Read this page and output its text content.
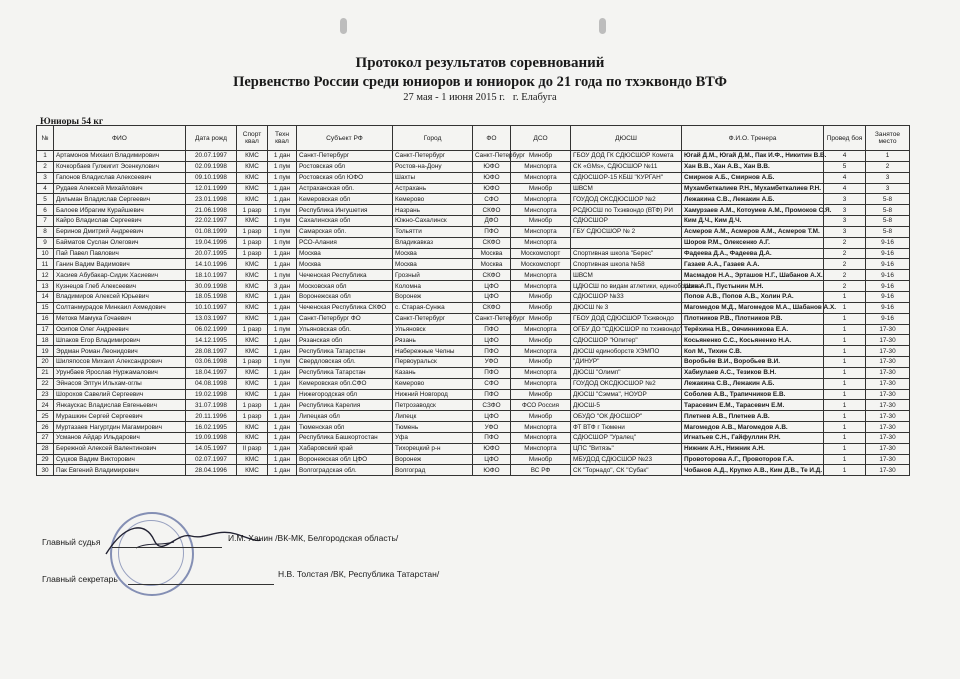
Протокол результатов соревнований
Первенство России среди юниоров и юниорок до 21 года по тхэквондо ВТФ
27 мая - 1 июня 2015 г. г. Елабуга
Юниоры 54 кг
№	ФИО	Дата рожд	Спорт квал	Техн квал	Субъект РФ	Город	ФО	ДСО	ДЮСШ	Ф.И.О. Тренера	Провед боя	Занятое место
1	Артамонов Михаил Владимирович	20.07.1997	КМС	1 дан	Санкт-Петербург	Санкт-Петербург	Санкт-Петербург	Минобр	ГБОУ ДОД ГК СДЮСШОР Комета	Югай Д.М., Югай Д.М., Пак И.Ф., Никитин В.В.	4	1
2	Кочкорбаев Гулжигит Эсенкулович	02.09.1998	КМС	1 пум	Ростовская обл	Ростов-на-Дону	ЮФО	Минспорта	СК «GMs», СДЮСШОР №11	Хан В.В., Хан А.В., Хан В.В.	5	2
3	Гапонов Владислав Алексеевич	09.10.1998	КМС	1 пум	Ростовская обл ЮФО	Шахты	ЮФО	Минспорта	СДЮСШОР-15 КБШ "КУРГАН"	Смирнов А.Б., Смирнов А.Б.	4	3
4	Рудаев Алексей Михайлович	12.01.1999	КМС	1 дан	Астраханская обл.	Астрахань	ЮФО	Минобр	ШВСМ	Мухамбеткалиев Р.Н., Мухамбеткалиев Р.Н.	4	3
5	Дильман Владислав Сергеевич	23.01.1998	КМС	1 дан	Кемеровская обл	Кемерово	СФО	Минспорта	ГОУДОД ОКСДЮСШОР №2	Лежакина С.В., Лежакин А.Б.	3	5-8
6	Балоев Ибрагим Курайшевич	21.06.1998	1 разр	1 пум	Республика Ингушетия	Назрань	СКФО	Минспорта	РСДЮСШ по Тхэквондо (ВТФ) РИ	Хамурзаев А.М., Котоуиев А.М., Промоков С.Я.	3	5-8
7	Кайро Владислав Сергеевич	22.02.1997	КМС	1 пум	Сахалинская обл	Южно-Сахалинск	ДФО	Минобр	СДЮСШОР	Ким Д.Ч., Ким Д.Ч.	3	5-8
8	Беринов Дмитрий Андреевич	01.08.1999	1 разр	1 пум	Самарская обл.	Тольятти	ПФО	Минспорта	ГБУ СДЮСШОР № 2	Асмеров А.М., Асмеров А.М., Асмеров Т.М.	3	5-8
9	Байматов Суслан Олегович	19.04.1996	1 разр	1 пум	РСО-Алания	Владикавказ	СКФО	Минспорта		Шоров Р.М., Олексенко А.Г.	2	9-16
10	Пай Павел Павлович	20.07.1995	1 разр	1 дан	Москва	Москва	Москва	Москомспорт	Спортивная школа "Берес"	Фадеева Д.А., Фадеева Д.А.	2	9-16
11	Ганин Вадим Вадимович	14.10.1996	КМС	1 дан	Москва	Москва	Москва	Москомспорт	Спортивная школа №58	Газаев А.А., Газаев А.А.	2	9-16
12	Хасиев Абубакар-Сидик Хасиевич	18.10.1997	КМС	1 пум	Чеченская Республика	Грозный	СКФО	Минспорта	ШВСМ	Масмадов Н.А., Эрташов Н.Г., Шабанов А.Х.	2	9-16
13	Кузнецов Глеб Алексеевич	30.09.1998	КМС	3 дан	Московская обл	Коломна	ЦФО	Минспорта	ЦДЮСШ по видам атлетики, единоборства	Шин А.П., Пустынин М.Н.	2	9-16
14	Владимиров Алексей Юрьевич	18.05.1998	КМС	1 дан	Воронежская обл	Воронеж	ЦФО	Минобр	СДЮСШОР №33	Попов А.В., Попов А.В., Холин Р.А.	1	9-16
15	Солтанмурадов Минкаил Ахмедович	10.10.1997	КМС	1 дан	Чеченская Республика СКФО	с. Старая-Сунжа	СКФО	Минобр	ДЮСШ № 3	Магомедов М.Д., Магомедов М.А., Шабанов А.Х.	1	9-16
16	Метокв Мамука Гочаевич	13.03.1997	КМС	1 дан	Санкт-Петербург ФО	Санкт-Петербург	Санкт-Петербург	Минобр	ГБОУ ДОД СДЮСШОР Тхэквондо	Плотников Р.В., Плотников Р.В.	1	9-16
17	Осипов Олег Андреевич	06.02.1999	1 разр	1 пум	Ульяновская обл.	Ульяновск	ПФО	Минспорта	ОГБУ ДО "СДЮСШОР по тхэквондо"	Терёхина Н.В., Овчинникова Е.А.	1	17-30
18	Шпаков Егор Владимирович	14.12.1995	КМС	1 дан	Рязанская обл	Рязань	ЦФО	Минобр	СДЮСШОР "Юпитер"	Косьяненко С.С., Косьяненко Н.А.	1	17-30
19	Эрдман Роман Леонидович	28.08.1997	КМС	1 дан	Республика Татарстан	Набережные Челны	ПФО	Минспорта	ДЮСШ единоборств ХЭМПО	Кол М., Тихин С.В.	1	17-30
20	Шиляпосов Михаил Александрович	03.06.1998	1 разр	1 пум	Свердловская обл.	Первоуральск	УФО	Минобр	"ДИНУР"	Воробьёв В.И., Воробьев В.И.	1	17-30
21	Урунбаев Ярослав Нуржамалович	18.04.1997	КМС	1 дан	Республика Татарстан	Казань	ПФО	Минспорта	ДЮСШ "Олимп"	Хабиулаев А.С., Тезиков В.Н.	1	17-30
22	Эйнасов Элтун Ильхам-оглы	04.08.1998	КМС	1 дан	Кемеровская обл.СФО	Кемерово	СФО	Минспорта	ГОУДОД ОКСДЮСШОР №2	Лежакина С.В., Лежакин А.Б.	1	17-30
23	Шорохов Савелий Сергеевич	19.02.1998	КМС	1 дан	Нижегородская обл	Нижний Новгород	ПФО	Минобр	ДЮСШ "Сэмма", НОУОР	Соболев А.В., Трапичников Е.В.	1	17-30
24	Янкаускас Владислав Евгеньевич	31.07.1998	1 разр	1 дан	Республика Карелия	Петрозаводск	СЗФО	ФСО Россия	ДЮСШ-5	Тарасевич Е.М., Тарасевич Е.М.	1	17-30
25	Мурашкин Сергей Сергеевич	20.11.1996	1 разр	1 дан	Липецкая обл	Липецк	ЦФО	Минобр	ОБУДО "ОК ДЮСШОР"	Плетнев А.В., Плетнев А.В.	1	17-30
26	Муртазаев Нагуртдин Магамирович	16.02.1995	КМС	1 дан	Тюменская обл	Тюмень	УФО	Минспорта	ФТ ВТФ г Тюмени	Магомедов А.В., Магомедов А.В.	1	17-30
27	Усманов Айдар Ильдарович	19.09.1998	КМС	1 дан	Республика Башкортостан	Уфа	ПФО	Минспорта	СДЮСШОР "Уралец"	Игнатьев С.Н., Гайфуллин Р.Н.	1	17-30
28	Бережной Алексей Валентинович	14.05.1997	II разр	1 дан	Хабаровский край	Тихорецкий р-н	ЮФО	Минспорта	ЦПС "Витязь"	Нижник А.Н., Нижник А.Н.	1	17-30
29	Суцков Вадим Викторович	02.07.1997	КМС	1 дан	Воронежская обл ЦФО	Воронеж	ЦФО	Минобр	МБУДОД СДЮСШОР №23	Провоторова А.Г., Провоторов Г.А.	1	17-30
30	Пак Евгений Владимирович	28.04.1996	КМС	1 дан	Волгоградская обл.	Волгоград	ЮФО	ВС РФ	СК "Торнадо", СК "Субак"	Чобанов А.Д., Крупко А.В., Ким Д.В., Те И.Д.	1	17-30
Главный судья	И.М. Ханин /ВК-МК, Белгородская область/
Главный секретарь	Н.В. Толстая /ВК, Республика Татарстан/
